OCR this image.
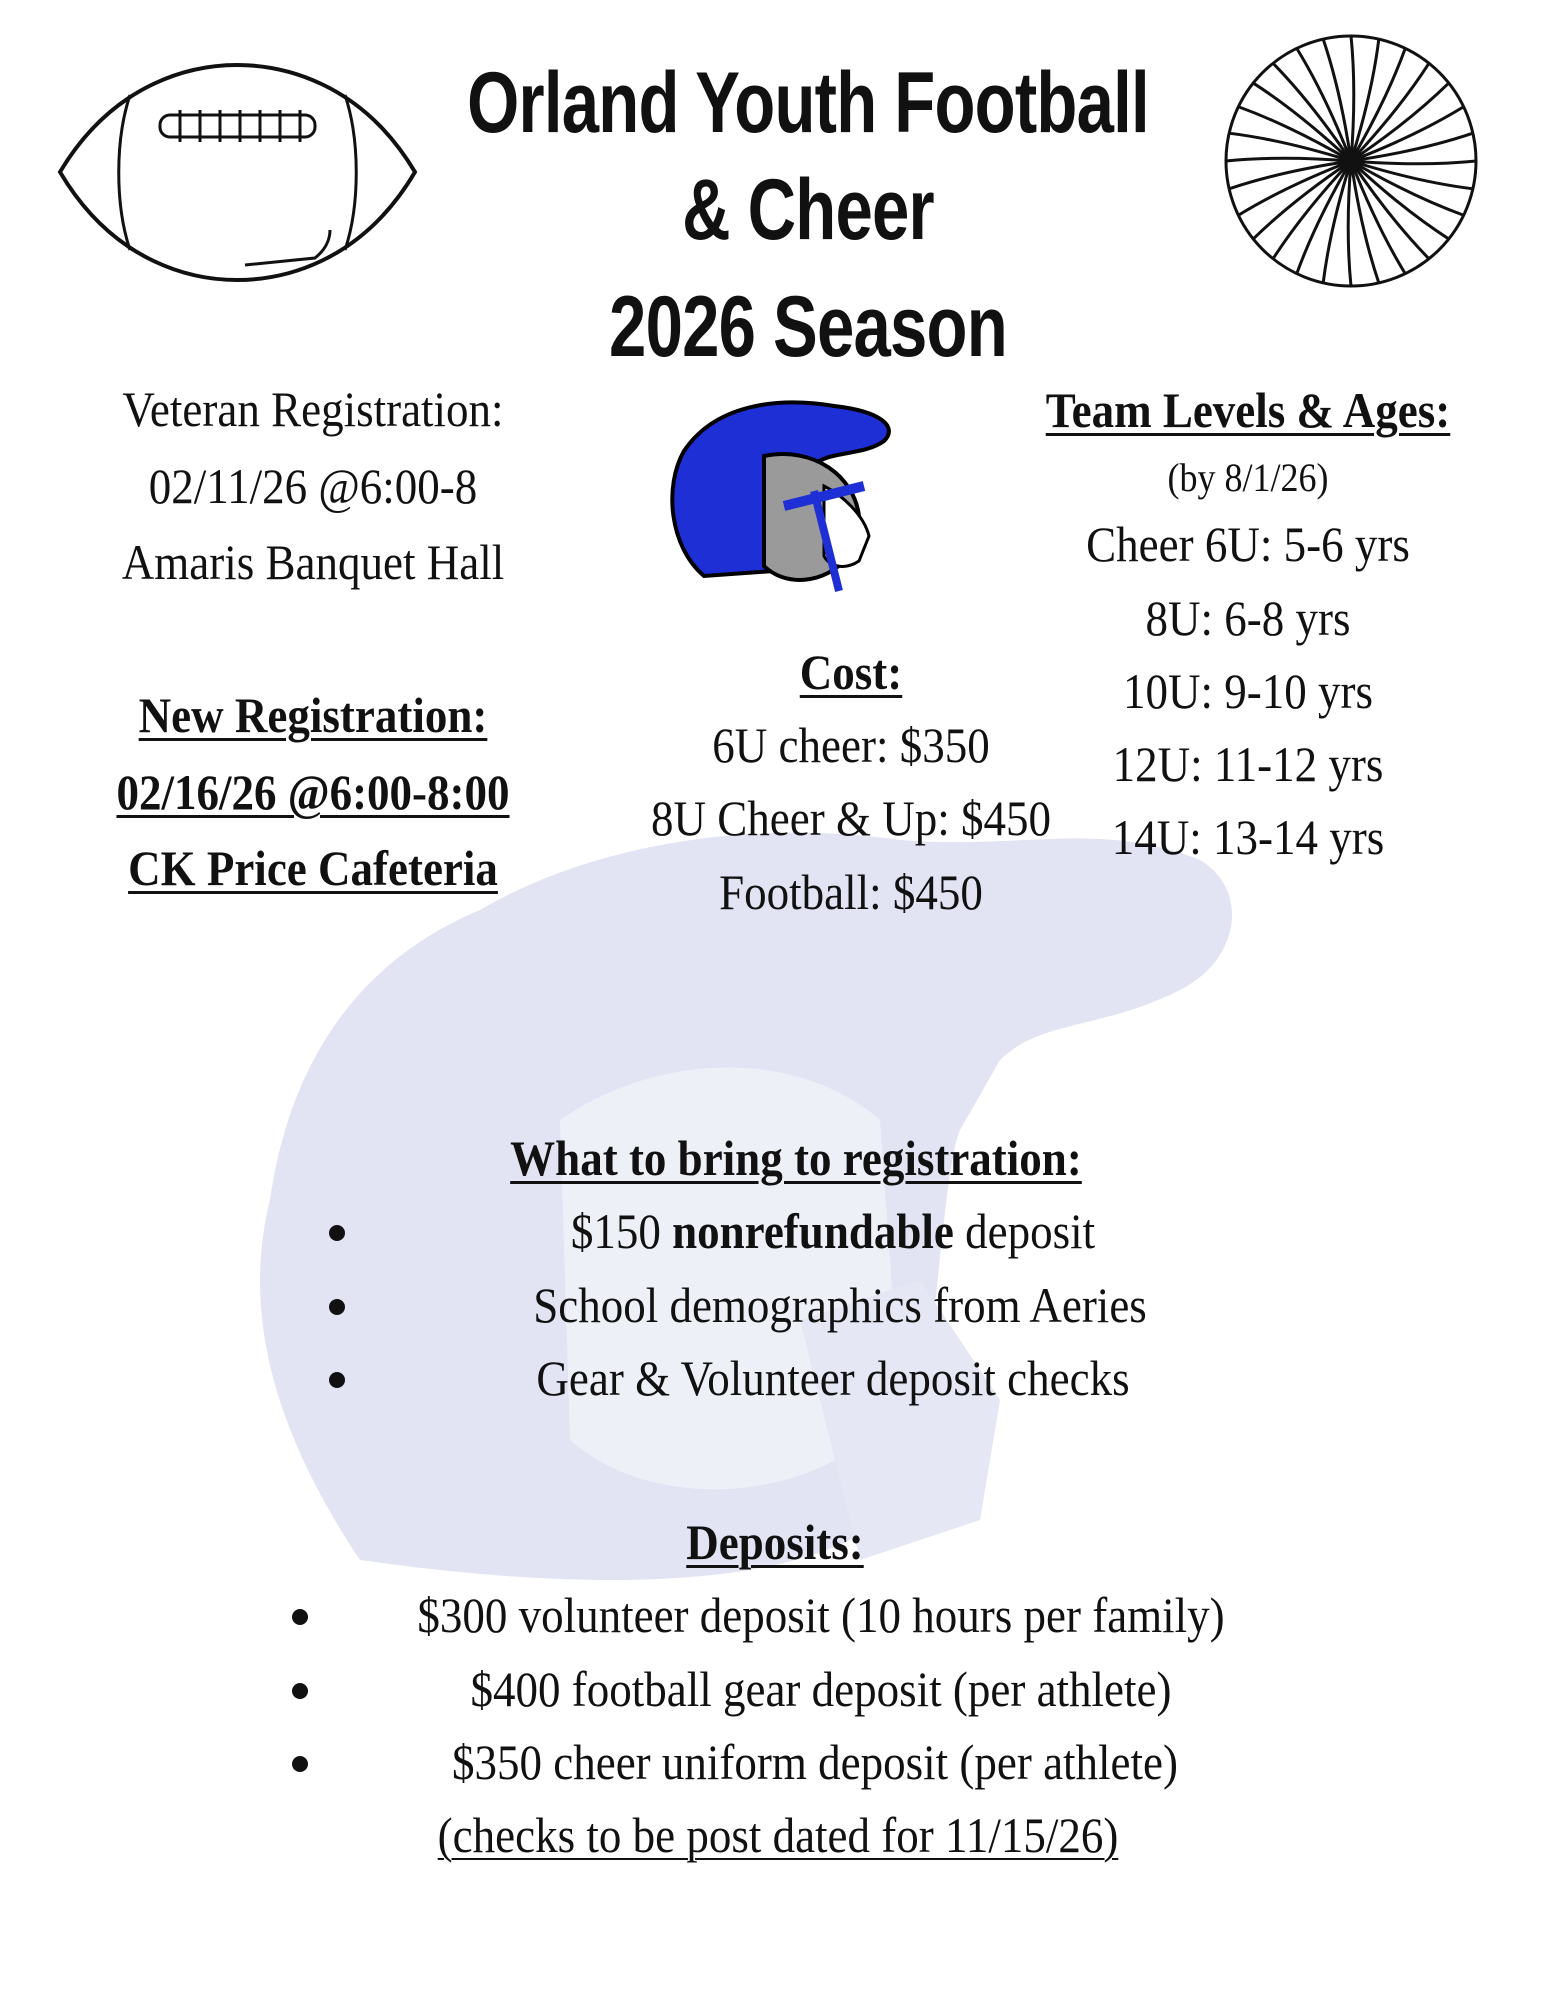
Orland Youth Football
& Cheer
2026 Season
Veteran Registration:
02/11/26 @6:00-8
Amaris Banquet Hall
New Registration:
02/16/26 @6:00-8:00
CK Price Cafeteria
Cost:
6U cheer: $350
8U Cheer & Up: $450
Football: $450
Team Levels & Ages:
(by 8/1/26)
Cheer 6U: 5-6 yrs
8U: 6-8 yrs
10U: 9-10 yrs
12U: 11-12 yrs
14U: 13-14 yrs
What to bring to registration:
$150 nonrefundable deposit
School demographics from Aeries
Gear & Volunteer deposit checks
Deposits:
$300 volunteer deposit (10 hours per family)
$400 football gear deposit (per athlete)
$350 cheer uniform deposit (per athlete)
(checks to be post dated for 11/15/26)
